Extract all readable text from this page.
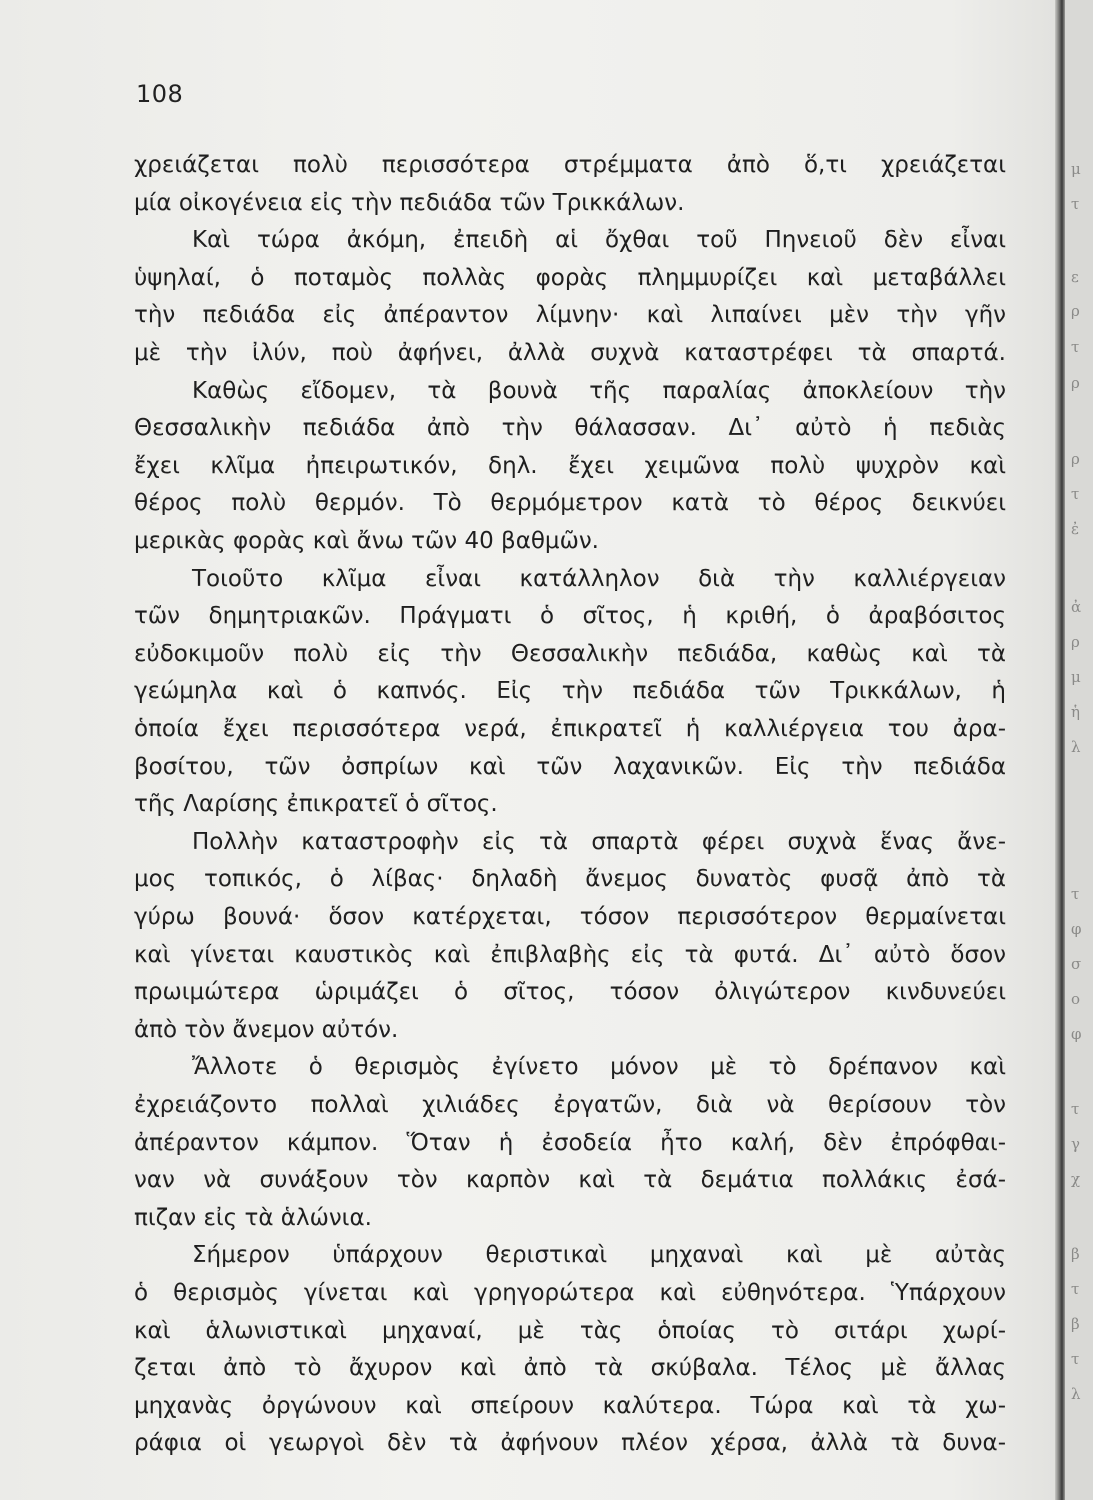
108
χρειάζεται πολὺ περισσότερα στρέμματα ἀπὸ ὅ,τι χρειάζεται
μία οἰκογένεια εἰς τὴν πεδιάδα τῶν Τρικκάλων.
Καὶ τώρα ἀκόμη, ἐπειδὴ αἱ ὄχθαι τοῦ Πηνειοῦ δὲν εἶναι
ὑψηλαί, ὁ ποταμὸς πολλὰς φορὰς πλημμυρίζει καὶ μεταβάλλει
τὴν πεδιάδα εἰς ἀπέραντον λίμνην· καὶ λιπαίνει μὲν τὴν γῆν
μὲ τὴν ἰλύν, ποὺ ἀφήνει, ἀλλὰ συχνὰ καταστρέφει τὰ σπαρτά.
Καθὼς εἴδομεν, τὰ βουνὰ τῆς παραλίας ἀποκλείουν τὴν
Θεσσαλικὴν πεδιάδα ἀπὸ τὴν θάλασσαν. Δι᾽ αὐτὸ ἡ πεδιὰς
ἔχει κλῖμα ἠπειρωτικόν, δηλ. ἔχει χειμῶνα πολὺ ψυχρὸν καὶ
θέρος πολὺ θερμόν. Τὸ θερμόμετρον κατὰ τὸ θέρος δεικνύει
μερικὰς φορὰς καὶ ἄνω τῶν 40 βαθμῶν.
Τοιοῦτο κλῖμα εἶναι κατάλληλον διὰ τὴν καλλιέργειαν
τῶν δημητριακῶν. Πράγματι ὁ σῖτος, ἡ κριθή, ὁ ἀραβόσιτος
εὐδοκιμοῦν πολὺ εἰς τὴν Θεσσαλικὴν πεδιάδα, καθὼς καὶ τὰ
γεώμηλα καὶ ὁ καπνός. Εἰς τὴν πεδιάδα τῶν Τρικκάλων, ἡ
ὁποία ἔχει περισσότερα νερά, ἐπικρατεῖ ἡ καλλιέργεια του ἀρα-
βοσίτου, τῶν ὀσπρίων καὶ τῶν λαχανικῶν. Εἰς τὴν πεδιάδα
τῆς Λαρίσης ἐπικρατεῖ ὁ σῖτος.
Πολλὴν καταστροφὴν εἰς τὰ σπαρτὰ φέρει συχνὰ ἕνας ἄνε-
μος τοπικός, ὁ λίβας· δηλαδὴ ἄνεμος δυνατὸς φυσᾷ ἀπὸ τὰ
γύρω βουνά· ὅσον κατέρχεται, τόσον περισσότερον θερμαίνεται
καὶ γίνεται καυστικὸς καὶ ἐπιβλαβὴς εἰς τὰ φυτά. Δι᾽ αὐτὸ ὅσον
πρωιμώτερα ὡριμάζει ὁ σῖτος, τόσον ὀλιγώτερον κινδυνεύει
ἀπὸ τὸν ἄνεμον αὐτόν.
Ἄλλοτε ὁ θερισμὸς ἐγίνετο μόνον μὲ τὸ δρέπανον καὶ
ἐχρειάζοντο πολλαὶ χιλιάδες ἐργατῶν, διὰ νὰ θερίσουν τὸν
ἀπέραντον κάμπον. Ὅταν ἡ ἐσοδεία ἦτο καλή, δὲν ἐπρόφθαι-
ναν νὰ συνάξουν τὸν καρπὸν καὶ τὰ δεμάτια πολλάκις ἐσά-
πιζαν εἰς τὰ ἁλώνια.
Σήμερον ὑπάρχουν θεριστικαὶ μηχαναὶ καὶ μὲ αὐτὰς
ὁ θερισμὸς γίνεται καὶ γρηγορώτερα καὶ εὐθηνότερα. Ὑπάρχουν
καὶ ἁλωνιστικαὶ μηχαναί, μὲ τὰς ὁποίας τὸ σιτάρι χωρί-
ζεται ἀπὸ τὸ ἄχυρον καὶ ἀπὸ τὰ σκύβαλα. Τέλος μὲ ἄλλας
μηχανὰς ὀργώνουν καὶ σπείρουν καλύτερα. Τώρα καὶ τὰ χω-
ράφια οἱ γεωργοὶ δὲν τὰ ἀφήνουν πλέον χέρσα, ἀλλὰ τὰ δυνα-
μ
τ
ε
ρ
τ
ρ
ρ
τ
ἐ
ἀ
ρ
μ
ἡ
λ
τ
φ
σ
ο
φ
τ
γ
χ
β
τ
β
τ
λ
